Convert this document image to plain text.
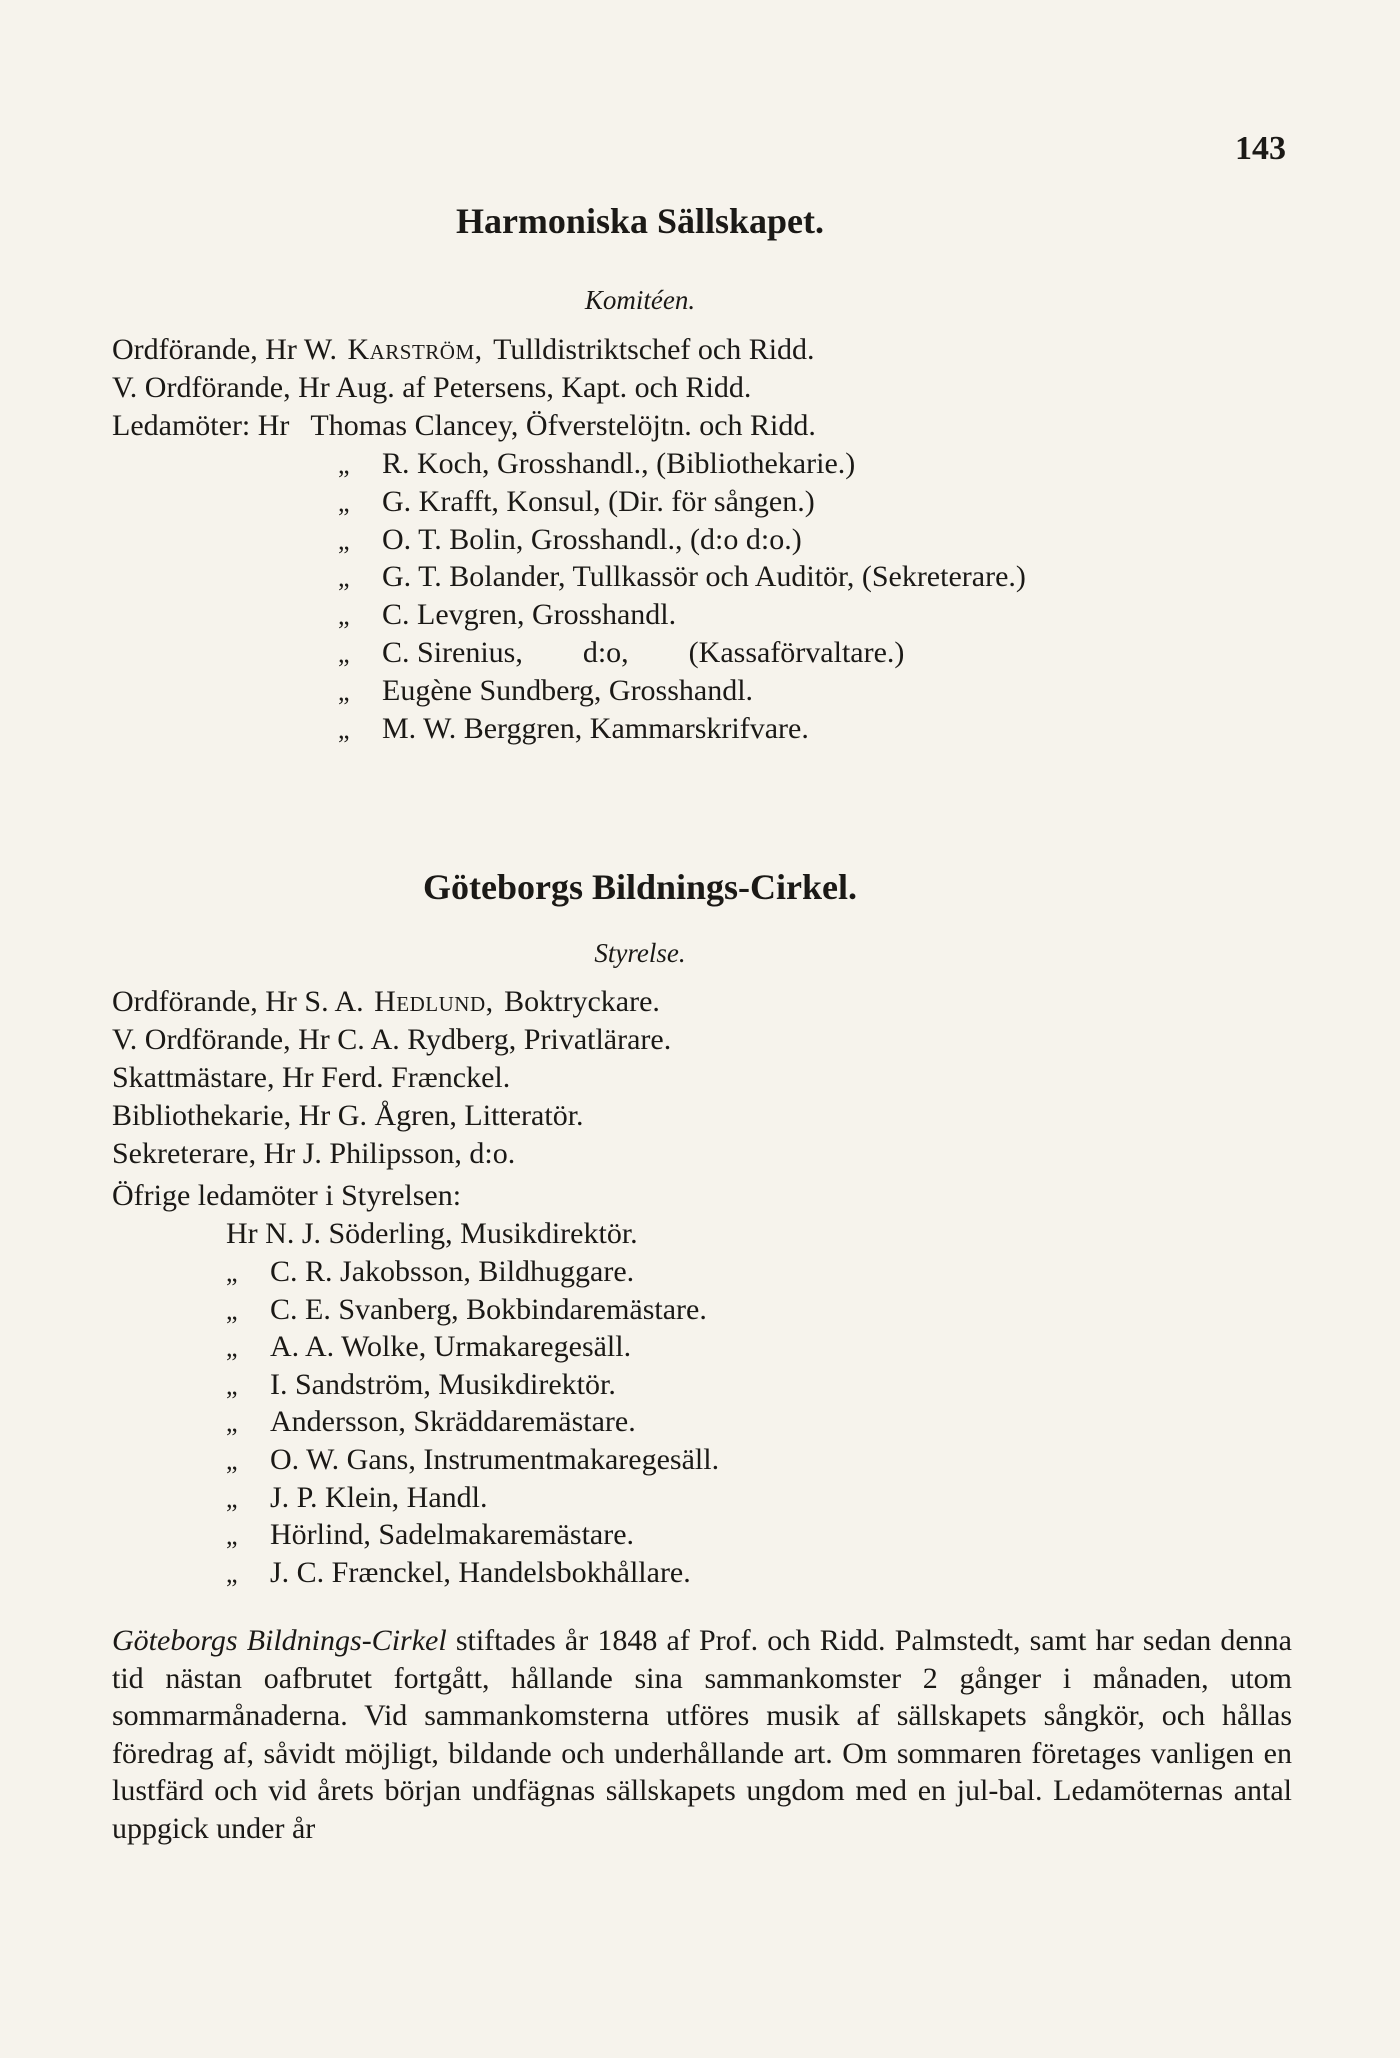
143
Harmoniska Sällskapet.
Komitéen.
Ordförande, Hr W. Karström, Tulldistriktschef och Ridd.
V. Ordförande, Hr Aug. af Petersens, Kapt. och Ridd.
Ledamöter: Hr Thomas Clancey, Öfverstelöjtn. och Ridd.
„ R. Koch, Grosshandl., (Bibliothekarie.)
„ G. Krafft, Konsul, (Dir. för sången.)
„ O. T. Bolin, Grosshandl., (d:o d:o.)
„ G. T. Bolander, Tullkassör och Auditör, (Sekreterare.)
„ C. Levgren, Grosshandl.
„ C. Sirenius,        d:o,        (Kassaförvaltare.)
„ Eugène Sundberg, Grosshandl.
„ M. W. Berggren, Kammarskrifvare.
Göteborgs Bildnings-Cirkel.
Styrelse.
Ordförande, Hr S. A. Hedlund, Boktryckare.
V. Ordförande, Hr C. A. Rydberg, Privatlärare.
Skattmästare, Hr Ferd. Frænckel.
Bibliothekarie, Hr G. Ågren, Litteratör.
Sekreterare, Hr J. Philipsson, d:o.
Öfrige ledamöter i Styrelsen:
Hr N. J. Söderling, Musikdirektör.
„ C. R. Jakobsson, Bildhuggare.
„ C. E. Svanberg, Bokbindaremästare.
„ A. A. Wolke, Urmakaregesäll.
„ I. Sandström, Musikdirektör.
„ Andersson, Skräddaremästare.
„ O. W. Gans, Instrumentmakaregesäll.
„ J. P. Klein, Handl.
„ Hörlind, Sadelmakaremästare.
„ J. C. Frænckel, Handelsbokhållare.
Göteborgs Bildnings-Cirkel stiftades år 1848 af Prof. och Ridd. Palmstedt, samt har sedan denna tid nästan oafbrutet fortgått, hållande sina sammankomster 2 gånger i månaden, utom sommarmånaderna. Vid sammankomsterna utföres musik af sällskapets sångkör, och hållas föredrag af, såvidt möjligt, bildande och underhållande art. Om sommaren företages vanligen en lustfärd och vid årets början undfägnas sällskapets ungdom med en jul-bal. Ledamöternas antal uppgick under år
